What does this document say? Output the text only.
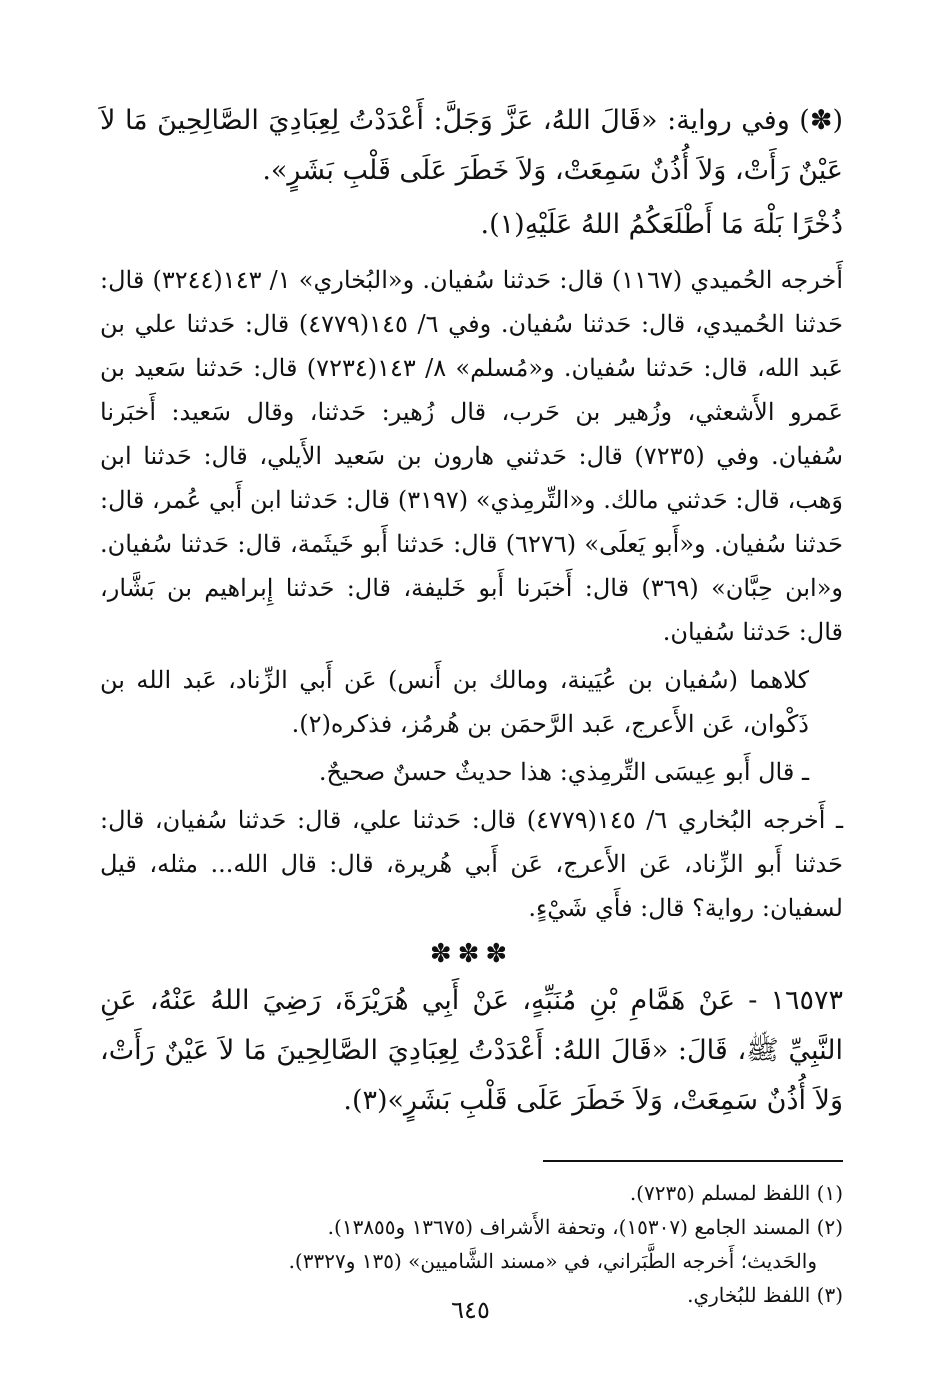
(✽) وفي رواية: «قَالَ اللهُ، عَزَّ وَجَلَّ: أَعْدَدْتُ لِعِبَادِيَ الصَّالِحِينَ مَا لاَ عَيْنٌ رَأَتْ، وَلاَ أُذُنٌ سَمِعَتْ، وَلاَ خَطَرَ عَلَى قَلْبِ بَشَرٍ».

ذُخْرًا بَلْهَ مَا أَطْلَعَكُمُ اللهُ عَلَيْهِ(١).

أَخرجه الحُميدي (١١٦٧) قال: حَدثنا سُفيان. و«البُخاري» ١/ ١٤٣(٣٢٤٤) قال: حَدثنا الحُميدي، قال: حَدثنا سُفيان. وفي ٦/ ١٤٥(٤٧٧٩) قال: حَدثنا علي بن عَبد الله، قال: حَدثنا سُفيان. و«مُسلم» ٨/ ١٤٣(٧٢٣٤) قال: حَدثنا سَعيد بن عَمرو الأَشعثي، وزُهير بن حَرب، قال زُهير: حَدثنا، وقال سَعيد: أَخبَرنا سُفيان. وفي (٧٢٣٥) قال: حَدثني هارون بن سَعيد الأَيلي، قال: حَدثنا ابن وَهب، قال: حَدثني مالك. و«التِّرمِذي» (٣١٩٧) قال: حَدثنا ابن أَبي عُمر، قال: حَدثنا سُفيان. و«أَبو يَعلَى» (٦٢٧٦) قال: حَدثنا أَبو خَيثَمة، قال: حَدثنا سُفيان. و«ابن حِبَّان» (٣٦٩) قال: أَخبَرنا أَبو خَليفة، قال: حَدثنا إِبراهيم بن بَشَّار، قال: حَدثنا سُفيان.

كلاهما (سُفيان بن عُيَينة، ومالك بن أَنس) عَن أَبي الزِّناد، عَبد الله بن ذَكْوان، عَن الأَعرج، عَبد الرَّحمَن بن هُرمُز، فذكره(٢).

ـ قال أَبو عِيسَى التِّرمِذي: هذا حديثٌ حسنٌ صحيحٌ.

ـ أَخرجه البُخاري ٦/ ١٤٥(٤٧٧٩) قال: حَدثنا علي، قال: حَدثنا سُفيان، قال: حَدثنا أَبو الزِّناد، عَن الأَعرج، عَن أَبي هُريرة، قال: قال الله... مثله، قيل لسفيان: رواية؟ قال: فأَي شَيْءٍ.

✽✽✽

١٦٥٧٣ - عَنْ هَمَّامِ بْنِ مُنَبِّهٍ، عَنْ أَبِي هُرَيْرَةَ، رَضِيَ اللهُ عَنْهُ، عَنِ النَّبِيِّ ﷺ، قَالَ: «قَالَ اللهُ: أَعْدَدْتُ لِعِبَادِيَ الصَّالِحِينَ مَا لاَ عَيْنٌ رَأَتْ، وَلاَ أُذُنٌ سَمِعَتْ، وَلاَ خَطَرَ عَلَى قَلْبِ بَشَرٍ»(٣).

(١) اللفظ لمسلم (٧٢٣٥).

(٢) المسند الجامع (١٥٣٠٧)، وتحفة الأَشراف (١٣٦٧٥ و١٣٨٥٥).

والحَديث؛ أَخرجه الطَّبَراني، في «مسند الشَّاميين» (١٣٥ و٣٣٢٧).

(٣) اللفظ للبُخاري.

٦٤٥
